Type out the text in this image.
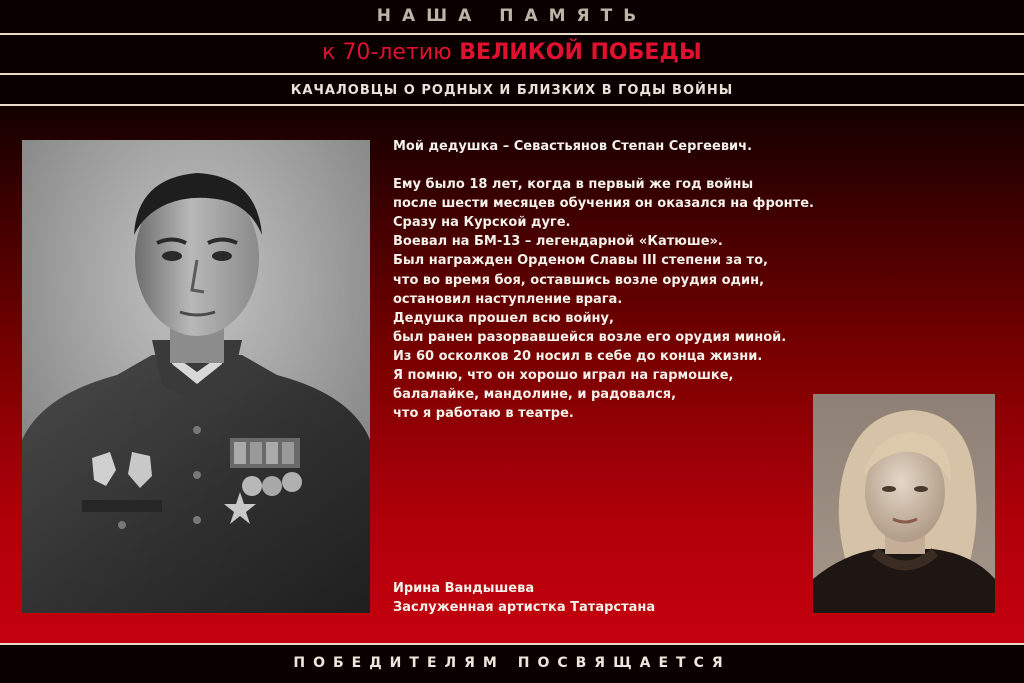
НАША ПАМЯТЬ
к 70-летию ВЕЛИКОЙ ПОБЕДЫ
КАЧАЛОВЦЫ О РОДНЫХ И БЛИЗКИХ В ГОДЫ ВОЙНЫ

Мой дедушка – Севастьянов Степан Сергеевич.

Ему было 18 лет, когда в первый же год войны

после шести месяцев обучения он оказался на фронте.

Сразу на Курской дуге.

Воевал на БМ-13 – легендарной «Катюше».

Был награжден Орденом Славы III степени за то,

что во время боя, оставшись возле орудия один,

остановил наступление врага.

Дедушка прошел всю войну,

был ранен разорвавшейся возле его орудия миной.

Из 60 осколков 20 носил в себе до конца жизни.

Я помню, что он хорошо играл на гармошке,

балалайке, мандолине, и радовался,

что я работаю в театре.

Ирина Вандышева

Заслуженная артистка Татарстана

ПОБЕДИТЕЛЯМ ПОСВЯЩАЕТСЯ
